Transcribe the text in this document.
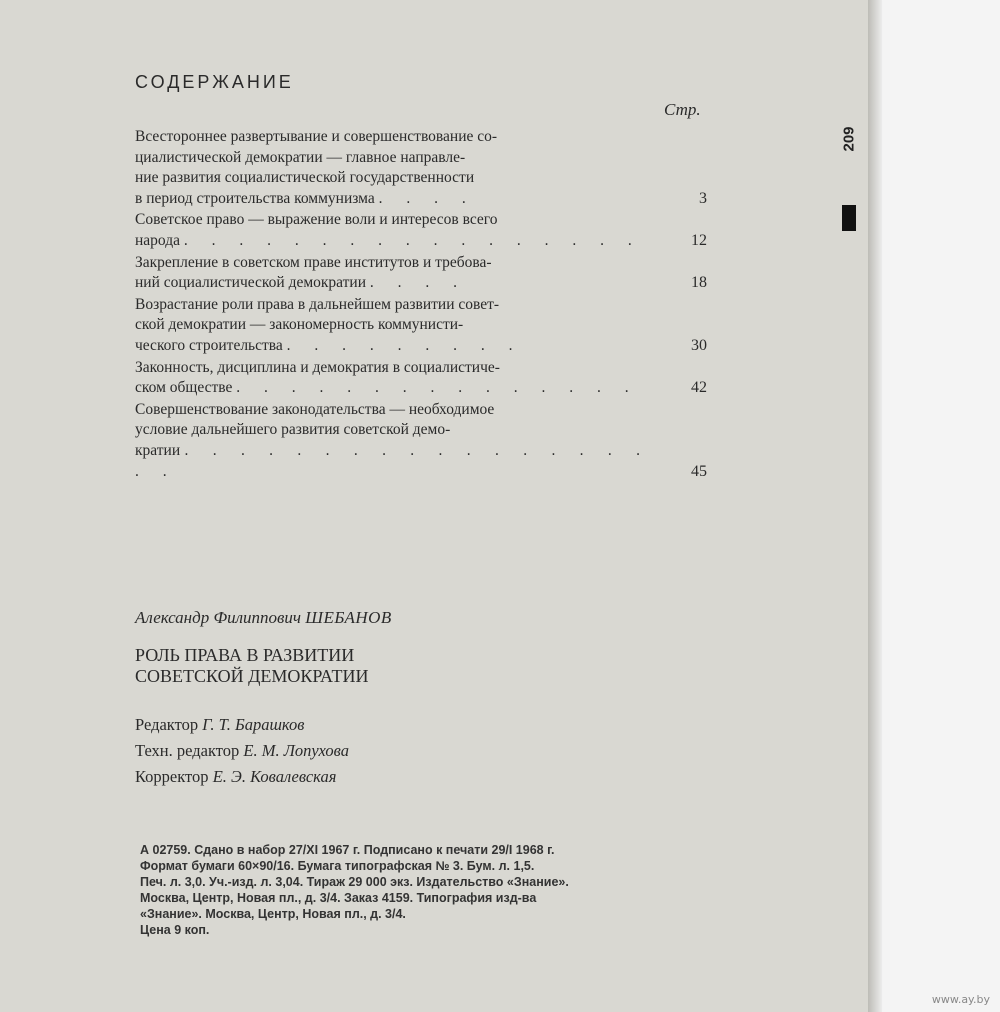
209
СОДЕРЖАНИЕ
Стр.
Всестороннее развертывание и совершенствование со-
циалистической демократии — главное направле-
ние развития социалистической государственности
в период строительства коммунизма . . . .	3
Советское право — выражение воли и интересов всего
народа . . . . . . . . . . . . . . . . .	12
Закрепление в советском праве институтов и требова-
ний социалистической демократии . . . .	18
Возрастание роли права в дальнейшем развитии совет-
ской демократии — закономерность коммунисти-
ческого строительства . . . . . . . . .	30
Законность, дисциплина и демократия в социалистиче-
ском обществе . . . . . . . . . . . . . . .	42
Совершенствование законодательства — необходимое
условие дальнейшего развития советской демо-
кратии . . . . . . . . . . . . . . . . . . .	45
Александр Филиппович ШЕБАНОВ
РОЛЬ ПРАВА В РАЗВИТИИ
СОВЕТСКОЙ ДЕМОКРАТИИ
Редактор Г. Т. Барашков
Техн. редактор Е. М. Лопухова
Корректор Е. Э. Ковалевская
А 02759. Сдано в набор 27/XI 1967 г. Подписано к печати 29/I 1968 г.
Формат бумаги 60×90/16. Бумага типографская № 3. Бум. л. 1,5.
Печ. л. 3,0. Уч.-изд. л. 3,04. Тираж 29 000 экз. Издательство «Знание».
Москва, Центр, Новая пл., д. 3/4. Заказ 4159. Типография изд-ва
«Знание». Москва, Центр, Новая пл., д. 3/4.
Цена 9 коп.
www.ay.by
